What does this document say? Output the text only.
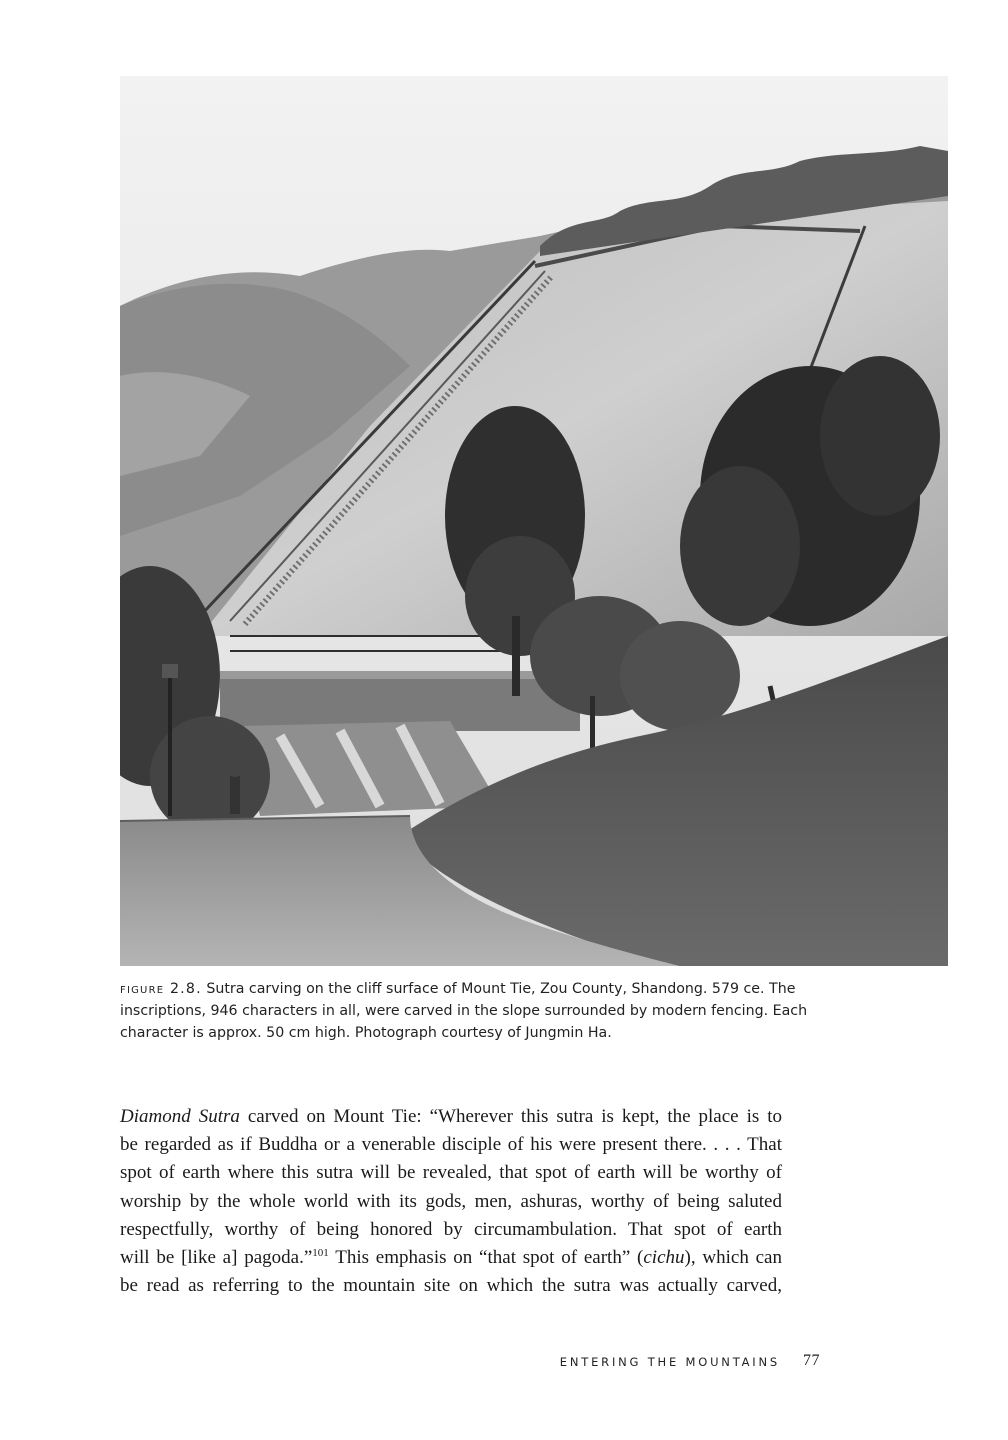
figure 2.8. Sutra carving on the cliff surface of Mount Tie, Zou County, Shandong. 579 ce. The inscriptions, 946 characters in all, were carved in the slope surrounded by modern fencing. Each character is approx. 50 cm high. Photograph courtesy of Jungmin Ha.
Diamond Sutra carved on Mount Tie: “Wherever this sutra is kept, the place is to
be regarded as if Buddha or a venerable disciple of his were present there. . . . That
spot of earth where this sutra will be revealed, that spot of earth will be worthy of
worship by the whole world with its gods, men, ashuras, worthy of being saluted
respectfully, worthy of being honored by circumambulation. That spot of earth
will be [like a] pagoda.”$^{101}$ This emphasis on “that spot of earth” (cichu), which can
be read as referring to the mountain site on which the sutra was actually carved,
ENTERING THE MOUNTAINS 77
